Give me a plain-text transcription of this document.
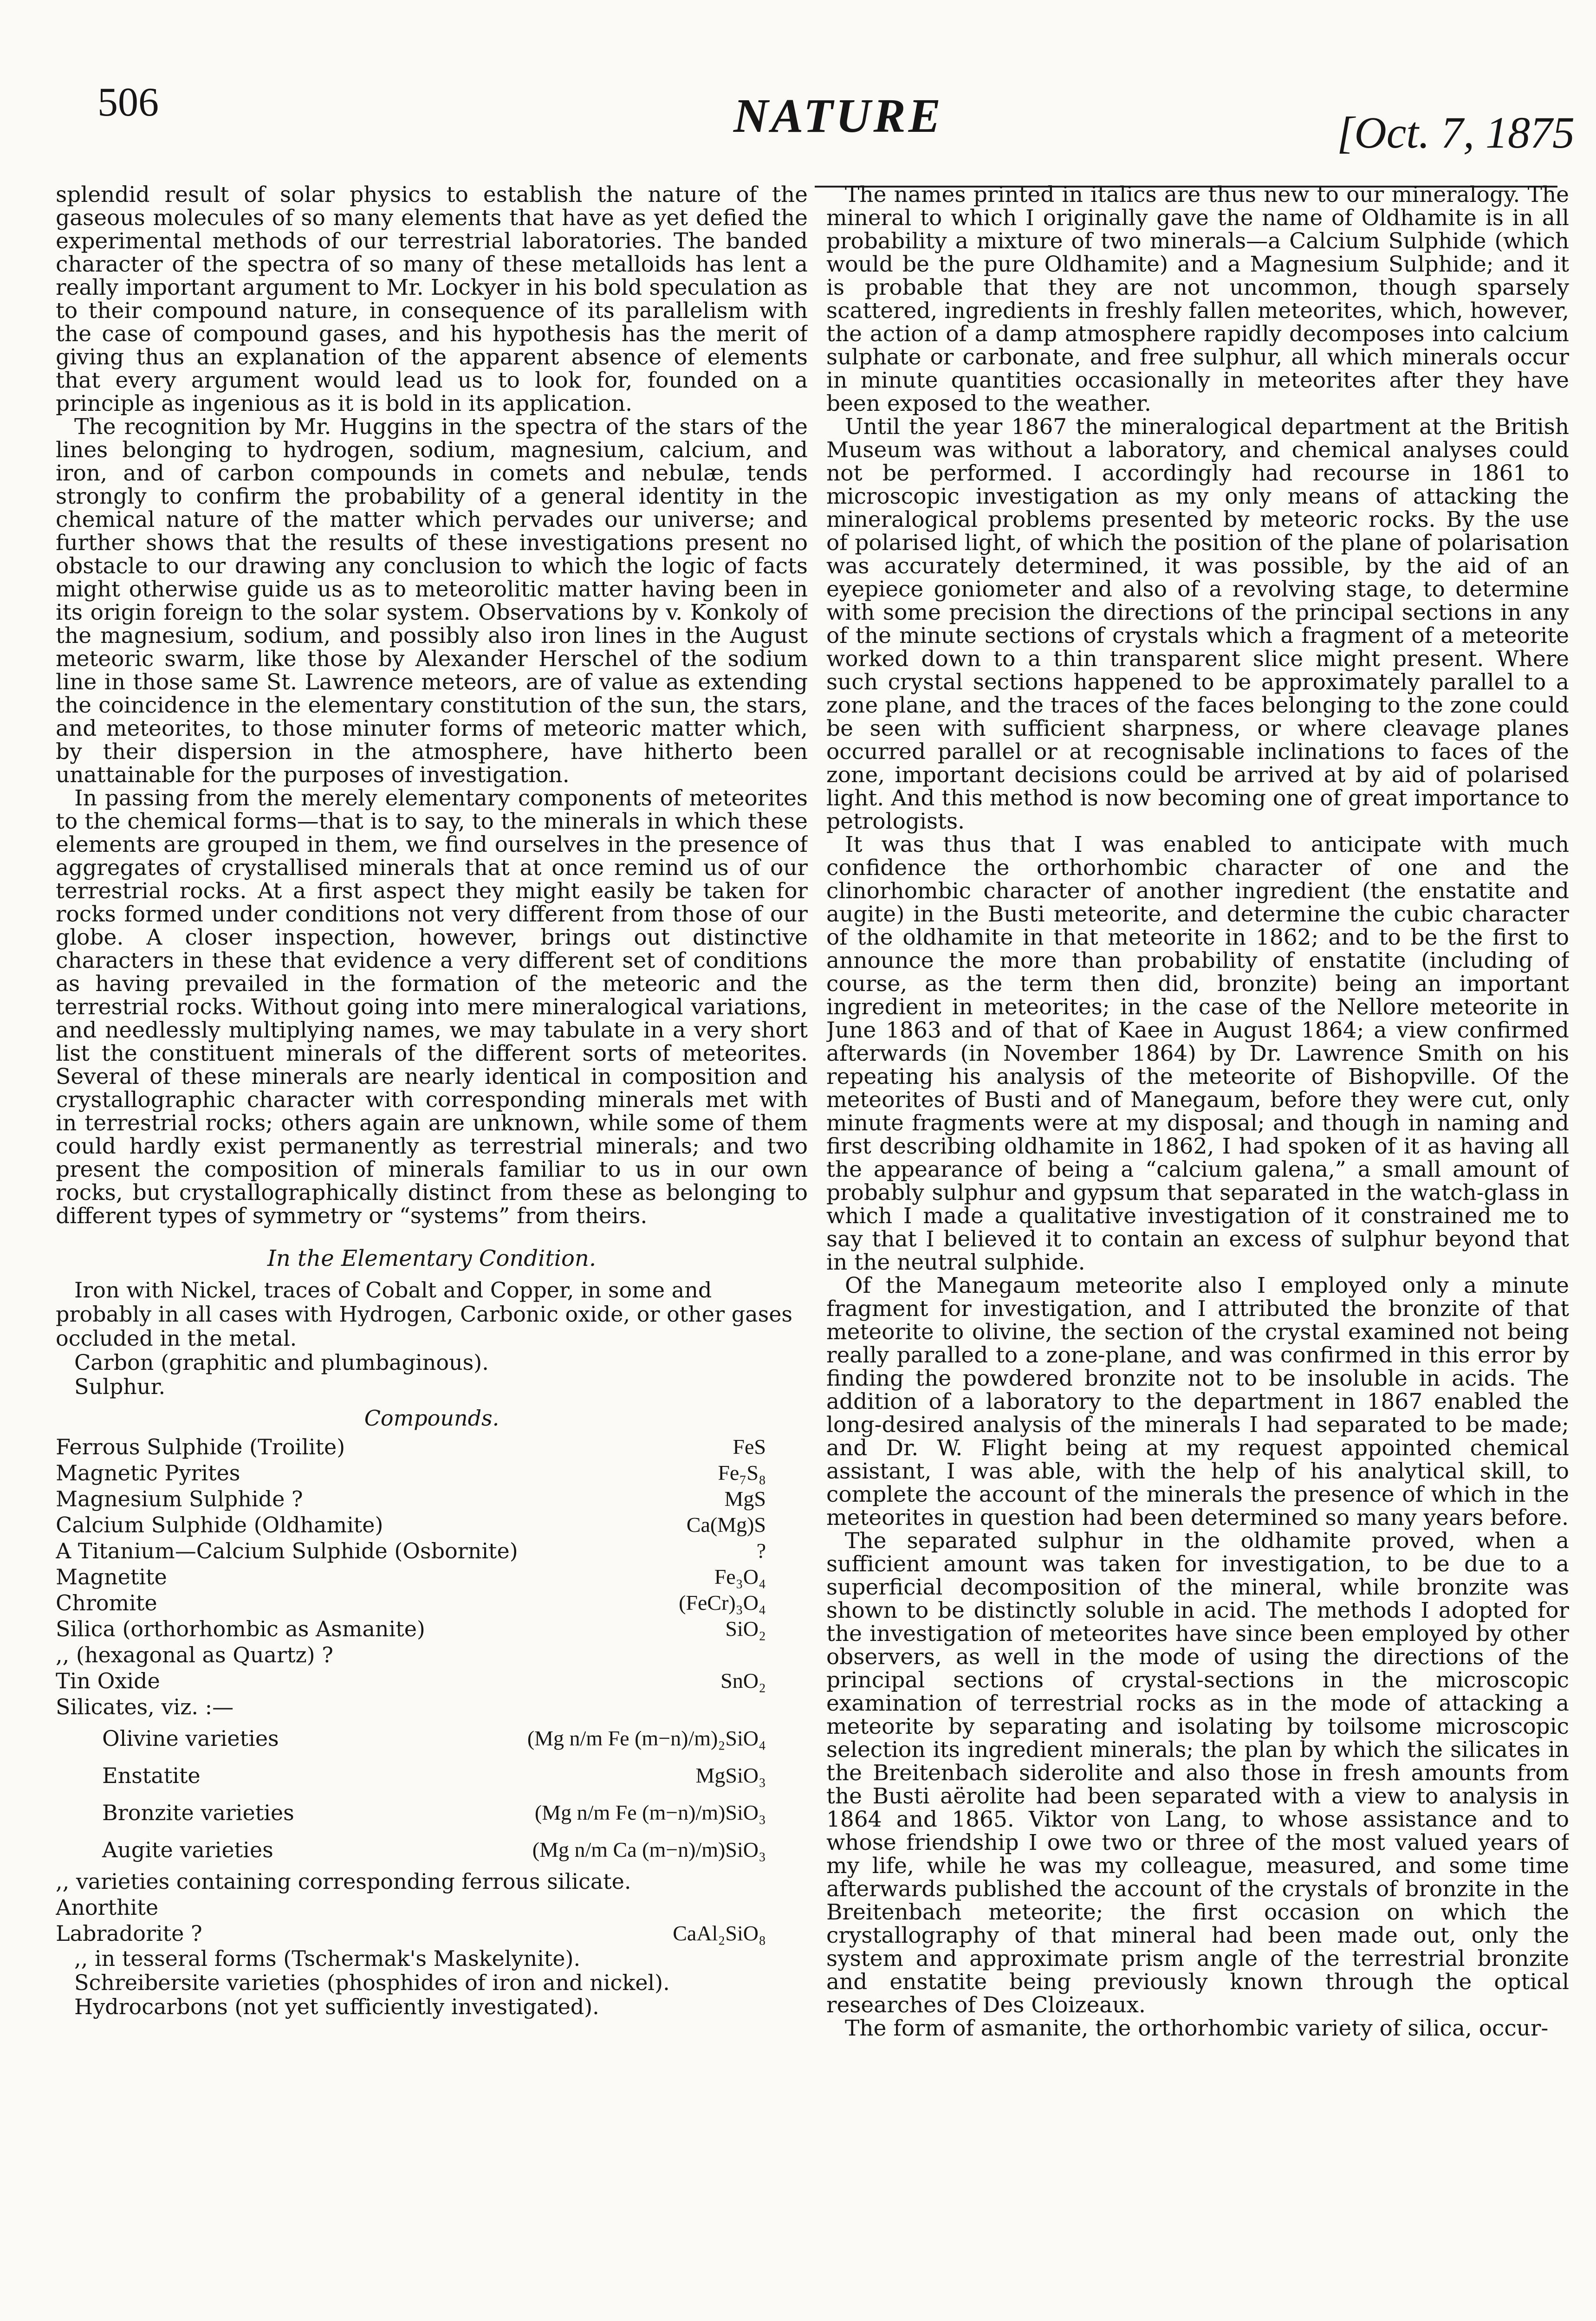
506	NATURE	[Oct. 7, 1875

splendid result of solar physics to establish the nature of the gaseous molecules of so many elements that have as yet defied the experimental methods of our terrestrial laboratories. The banded character of the spectra of so many of these metalloids has lent a really important argument to Mr. Lockyer in his bold speculation as to their compound nature, in consequence of its parallelism with the case of compound gases, and his hypothesis has the merit of giving thus an explanation of the apparent absence of elements that every argument would lead us to look for, founded on a principle as ingenious as it is bold in its application.

The recognition by Mr. Huggins in the spectra of the stars of the lines belonging to hydrogen, sodium, magnesium, calcium, and iron, and of carbon compounds in comets and nebulæ, tends strongly to confirm the probability of a general identity in the chemical nature of the matter which pervades our universe; and further shows that the results of these investigations present no obstacle to our drawing any conclusion to which the logic of facts might otherwise guide us as to meteorolitic matter having been in its origin foreign to the solar system. Observations by v. Konkoly of the magnesium, sodium, and possibly also iron lines in the August meteoric swarm, like those by Alexander Herschel of the sodium line in those same St. Lawrence meteors, are of value as extending the coincidence in the elementary constitution of the sun, the stars, and meteorites, to those minuter forms of meteoric matter which, by their dispersion in the atmosphere, have hitherto been unattainable for the purposes of investigation.

In passing from the merely elementary components of meteorites to the chemical forms—that is to say, to the minerals in which these elements are grouped in them, we find ourselves in the presence of aggregates of crystallised minerals that at once remind us of our terrestrial rocks. At a first aspect they might easily be taken for rocks formed under conditions not very different from those of our globe. A closer inspection, however, brings out distinctive characters in these that evidence a very different set of conditions as having prevailed in the formation of the meteoric and the terrestrial rocks. Without going into mere mineralogical variations, and needlessly multiplying names, we may tabulate in a very short list the constituent minerals of the different sorts of meteorites. Several of these minerals are nearly identical in composition and crystallographic character with corresponding minerals met with in terrestrial rocks; others again are unknown, while some of them could hardly exist permanently as terrestrial minerals; and two present the composition of minerals familiar to us in our own rocks, but crystallographically distinct from these as belonging to different types of symmetry or “systems” from theirs.

In the Elementary Condition.
Iron with Nickel, traces of Cobalt and Copper, in some and probably in all cases with Hydrogen, Carbonic oxide, or other gases occluded in the metal.
Carbon (graphitic and plumbaginous).
Sulphur.
Compounds.
Ferrous Sulphide (Troilite)	FeS
Magnetic Pyrites	Fe₇S₈
Magnesium Sulphide ?	MgS
Calcium Sulphide (Oldhamite)	Ca(Mg)S
A Titanium—Calcium Sulphide (Osbornite)	?
Magnetite	Fe₃O₄
Chromite	(FeCr)₃O₄
Silica (orthorhombic as Asmanite)	SiO₂
,, (hexagonal as Quartz) ?
Tin Oxide	SnO₂
Silicates, viz. :—
Olivine varieties	(Mg n/m Fe (m−n)/m)₂SiO₄
Enstatite	MgSiO₃
Bronzite varieties	(Mg n/m Fe (m−n)/m)SiO₃
Augite varieties	(Mg n/m Ca (m−n)/m)SiO₃
,, varieties containing corresponding ferrous silicate.
Anorthite
Labradorite ?	CaAl₂SiO₈
,, in tesseral forms (Tschermak's Maskelynite).
Schreibersite varieties (phosphides of iron and nickel).
Hydrocarbons (not yet sufficiently investigated).

The names printed in italics are thus new to our mineralogy. The mineral to which I originally gave the name of Oldhamite is in all probability a mixture of two minerals—a Calcium Sulphide (which would be the pure Oldhamite) and a Magnesium Sulphide; and it is probable that they are not uncommon, though sparsely scattered, ingredients in freshly fallen meteorites, which, however, the action of a damp atmosphere rapidly decomposes into calcium sulphate or carbonate, and free sulphur, all which minerals occur in minute quantities occasionally in meteorites after they have been exposed to the weather.

Until the year 1867 the mineralogical department at the British Museum was without a laboratory, and chemical analyses could not be performed. I accordingly had recourse in 1861 to microscopic investigation as my only means of attacking the mineralogical problems presented by meteoric rocks. By the use of polarised light, of which the position of the plane of polarisation was accurately determined, it was possible, by the aid of an eyepiece goniometer and also of a revolving stage, to determine with some precision the directions of the principal sections in any of the minute sections of crystals which a fragment of a meteorite worked down to a thin transparent slice might present. Where such crystal sections happened to be approximately parallel to a zone plane, and the traces of the faces belonging to the zone could be seen with sufficient sharpness, or where cleavage planes occurred parallel or at recognisable inclinations to faces of the zone, important decisions could be arrived at by aid of polarised light. And this method is now becoming one of great importance to petrologists.

It was thus that I was enabled to anticipate with much confidence the orthorhombic character of one and the clinorhombic character of another ingredient (the enstatite and augite) in the Busti meteorite, and determine the cubic character of the oldhamite in that meteorite in 1862; and to be the first to announce the more than probability of enstatite (including of course, as the term then did, bronzite) being an important ingredient in meteorites; in the case of the Nellore meteorite in June 1863 and of that of Kaee in August 1864; a view confirmed afterwards (in November 1864) by Dr. Lawrence Smith on his repeating his analysis of the meteorite of Bishopville. Of the meteorites of Busti and of Manegaum, before they were cut, only minute fragments were at my disposal; and though in naming and first describing oldhamite in 1862, I had spoken of it as having all the appearance of being a “calcium galena,” a small amount of probably sulphur and gypsum that separated in the watch-glass in which I made a qualitative investigation of it constrained me to say that I believed it to contain an excess of sulphur beyond that in the neutral sulphide.

Of the Manegaum meteorite also I employed only a minute fragment for investigation, and I attributed the bronzite of that meteorite to olivine, the section of the crystal examined not being really paralled to a zone-plane, and was confirmed in this error by finding the powdered bronzite not to be insoluble in acids. The addition of a laboratory to the department in 1867 enabled the long-desired analysis of the minerals I had separated to be made; and Dr. W. Flight being at my request appointed chemical assistant, I was able, with the help of his analytical skill, to complete the account of the minerals the presence of which in the meteorites in question had been determined so many years before.

The separated sulphur in the oldhamite proved, when a sufficient amount was taken for investigation, to be due to a superficial decomposition of the mineral, while bronzite was shown to be distinctly soluble in acid. The methods I adopted for the investigation of meteorites have since been employed by other observers, as well in the mode of using the directions of the principal sections of crystal-sections in the microscopic examination of terrestrial rocks as in the mode of attacking a meteorite by separating and isolating by toilsome microscopic selection its ingredient minerals; the plan by which the silicates in the Breitenbach siderolite and also those in fresh amounts from the Busti aërolite had been separated with a view to analysis in 1864 and 1865. Viktor von Lang, to whose assistance and to whose friendship I owe two or three of the most valued years of my life, while he was my colleague, measured, and some time afterwards published the account of the crystals of bronzite in the Breitenbach meteorite; the first occasion on which the crystallography of that mineral had been made out, only the system and approximate prism angle of the terrestrial bronzite and enstatite being previously known through the optical researches of Des Cloizeaux.

The form of asmanite, the orthorhombic variety of silica, occur-
